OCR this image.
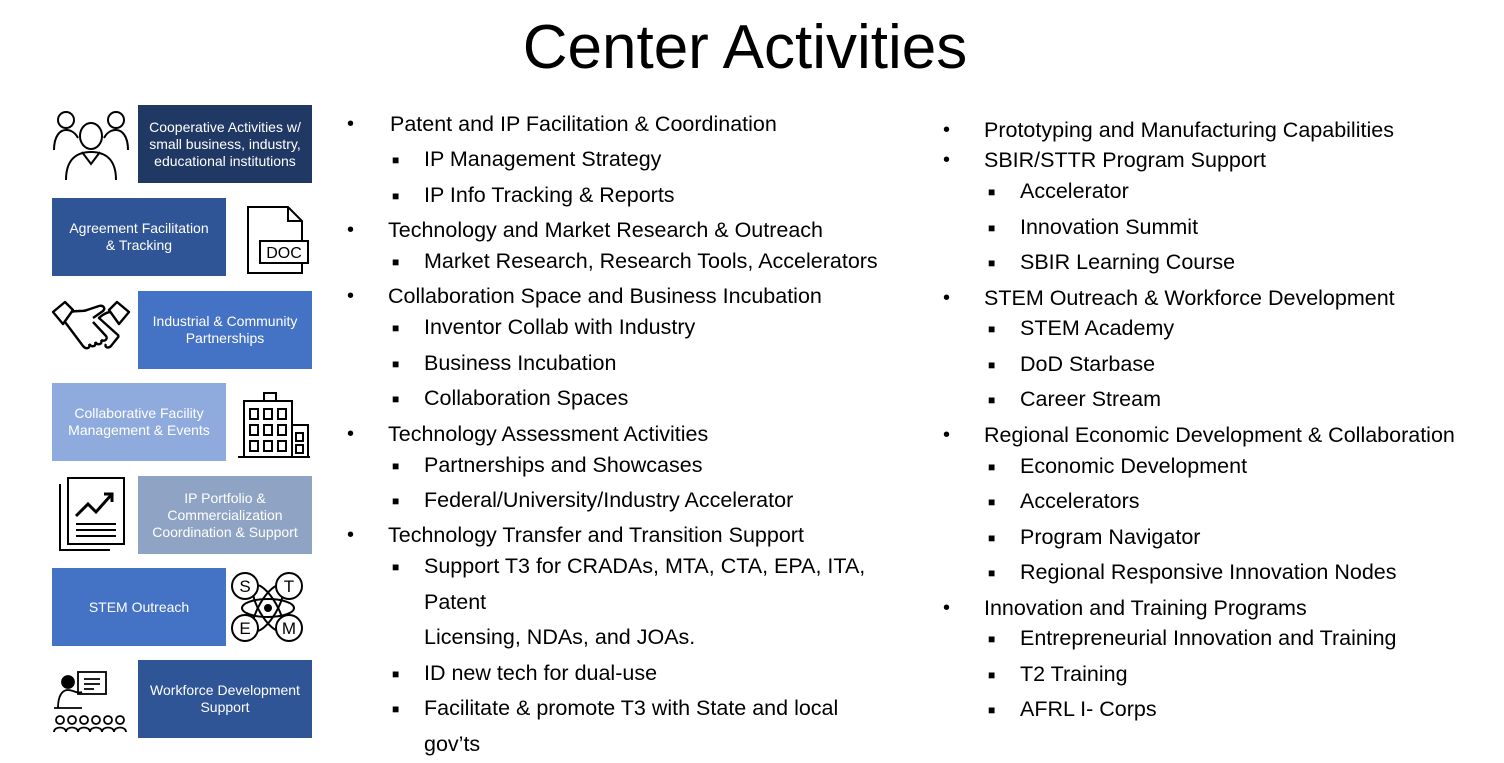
Center Activities
Cooperative Activities w/
small business, industry,
educational institutions
Agreement Facilitation
& Tracking	DOC
Industrial & Community
Partnerships
Collaborative Facility
Management & Events
IP Portfolio &
Commercialization
Coordination & Support
STEM Outreach
S T
E M
Workforce Development
Support
• Patent and IP Facilitation & Coordination
■ IP Management Strategy
■ IP Info Tracking & Reports
• Technology and Market Research & Outreach
■ Market Research, Research Tools, Accelerators
• Collaboration Space and Business Incubation
■ Inventor Collab with Industry
■ Business Incubation
■ Collaboration Spaces
• Technology Assessment Activities
■ Partnerships and Showcases
■ Federal/University/Industry Accelerator
• Technology Transfer and Transition Support
■ Support T3 for CRADAs, MTA, CTA, EPA, ITA,
Patent
Licensing, NDAs, and JOAs.
■ ID new tech for dual-use
■ Facilitate & promote T3 with State and local
gov’ts
• Prototyping and Manufacturing Capabilities
• SBIR/STTR Program Support
■ Accelerator
■ Innovation Summit
■ SBIR Learning Course
• STEM Outreach & Workforce Development
■ STEM Academy
■ DoD Starbase
■ Career Stream
• Regional Economic Development & Collaboration
■ Economic Development
■ Accelerators
■ Program Navigator
■ Regional Responsive Innovation Nodes
• Innovation and Training Programs
■ Entrepreneurial Innovation and Training
■ T2 Training
■ AFRL I- Corps
